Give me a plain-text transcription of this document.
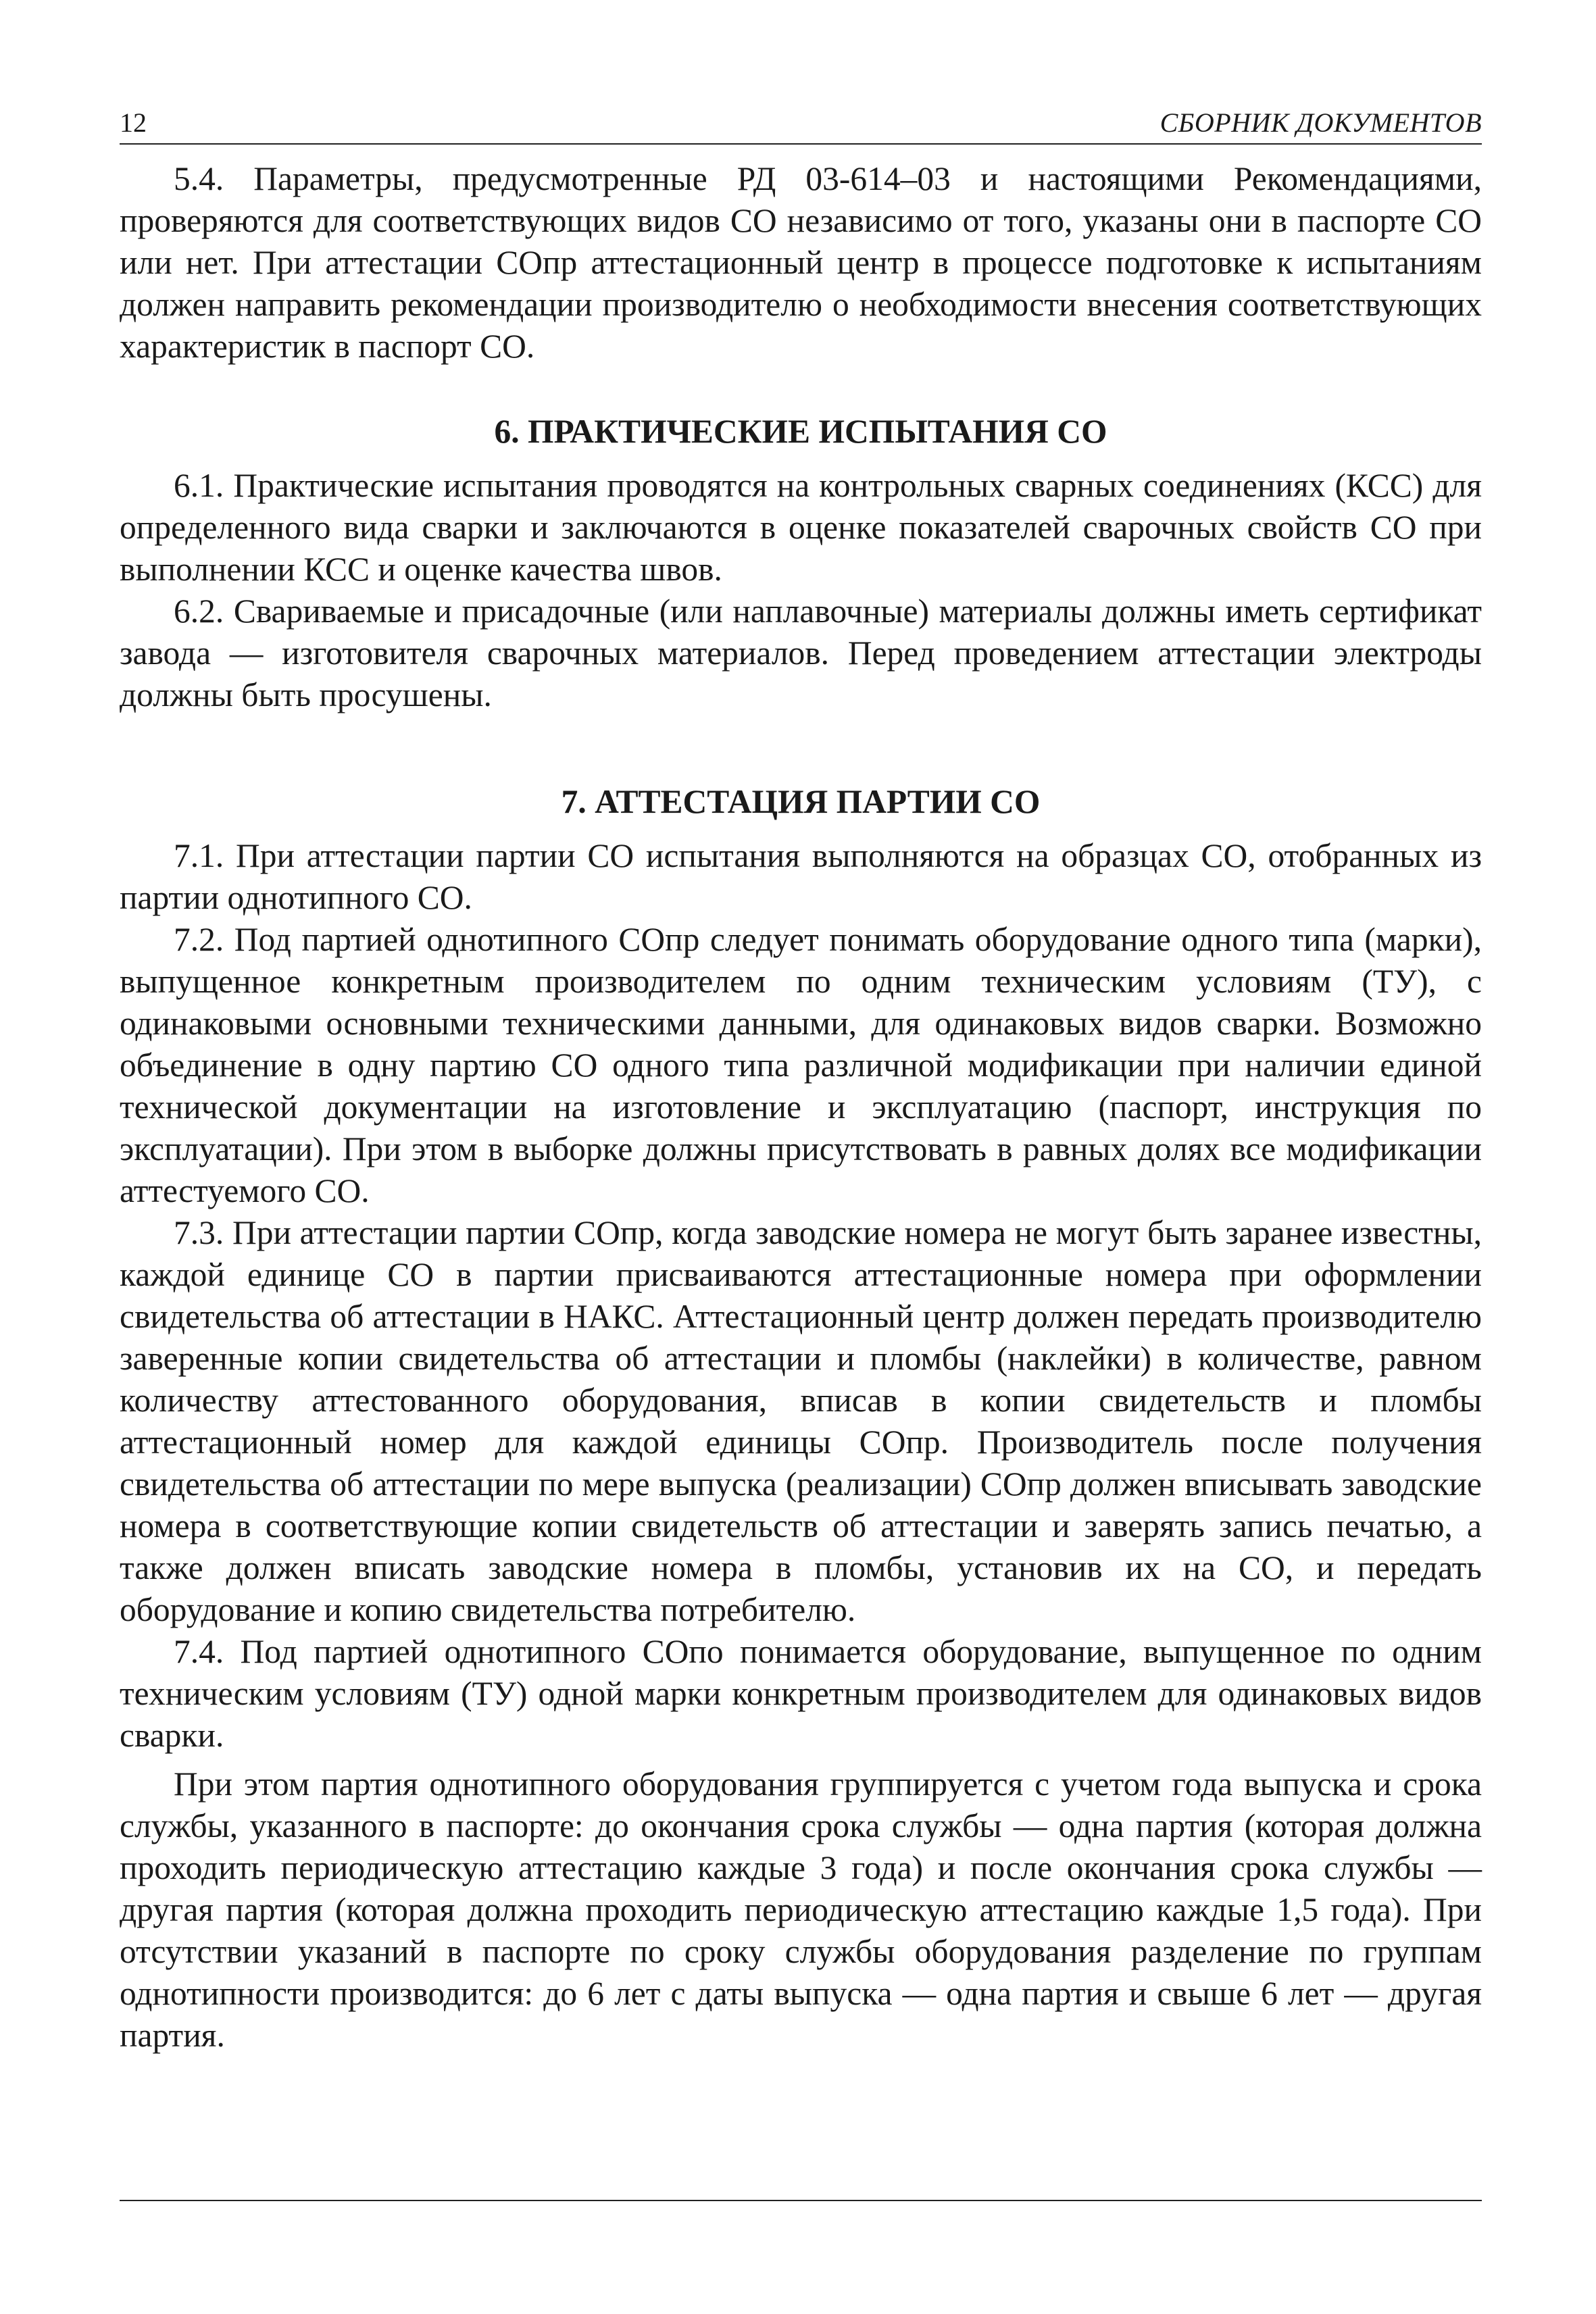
12	СБОРНИК ДОКУМЕНТОВ

5.4. Параметры, предусмотренные РД 03-614–03 и настоящими Рекомендациями, проверяются для соответствующих видов СО независимо от того, указаны они в паспорте СО или нет. При аттестации СОпр аттестационный центр в процессе подготовке к испытаниям должен направить рекомендации производителю о необходимости внесения соответствующих характеристик в паспорт СО.

6. ПРАКТИЧЕСКИЕ ИСПЫТАНИЯ СО

6.1. Практические испытания проводятся на контрольных сварных соединениях (КСС) для определенного вида сварки и заключаются в оценке показателей сварочных свойств СО при выполнении КСС и оценке качества швов.

6.2. Свариваемые и присадочные (или наплавочные) материалы должны иметь сертификат завода — изготовителя сварочных материалов. Перед проведением аттестации электроды должны быть просушены.

7. АТТЕСТАЦИЯ ПАРТИИ СО

7.1. При аттестации партии СО испытания выполняются на образцах СО, отобранных из партии однотипного СО.

7.2. Под партией однотипного СОпр следует понимать оборудование одного типа (марки), выпущенное конкретным производителем по одним техническим условиям (ТУ), с одинаковыми основными техническими данными, для одинаковых видов сварки. Возможно объединение в одну партию СО одного типа различной модификации при наличии единой технической документации на изготовление и эксплуатацию (паспорт, инструкция по эксплуатации). При этом в выборке должны присутствовать в равных долях все модификации аттестуемого СО.

7.3. При аттестации партии СОпр, когда заводские номера не могут быть заранее известны, каждой единице СО в партии присваиваются аттестационные номера при оформлении свидетельства об аттестации в НАКС. Аттестационный центр должен передать производителю заверенные копии свидетельства об аттестации и пломбы (наклейки) в количестве, равном количеству аттестованного оборудования, вписав в копии свидетельств и пломбы аттестационный номер для каждой единицы СОпр. Производитель после получения свидетельства об аттестации по мере выпуска (реализации) СОпр должен вписывать заводские номера в соответствующие копии свидетельств об аттестации и заверять запись печатью, а также должен вписать заводские номера в пломбы, установив их на СО, и передать оборудование и копию свидетельства потребителю.

7.4. Под партией однотипного СОпо понимается оборудование, выпущенное по одним техническим условиям (ТУ) одной марки конкретным производителем для одинаковых видов сварки.

При этом партия однотипного оборудования группируется с учетом года выпуска и срока службы, указанного в паспорте: до окончания срока службы — одна партия (которая должна проходить периодическую аттестацию каждые 3 года) и после окончания срока службы — другая партия (которая должна проходить периодическую аттестацию каждые 1,5 года). При отсутствии указаний в паспорте по сроку службы оборудования разделение по группам однотипности производится: до 6 лет с даты выпуска — одна партия и свыше 6 лет — другая партия.
